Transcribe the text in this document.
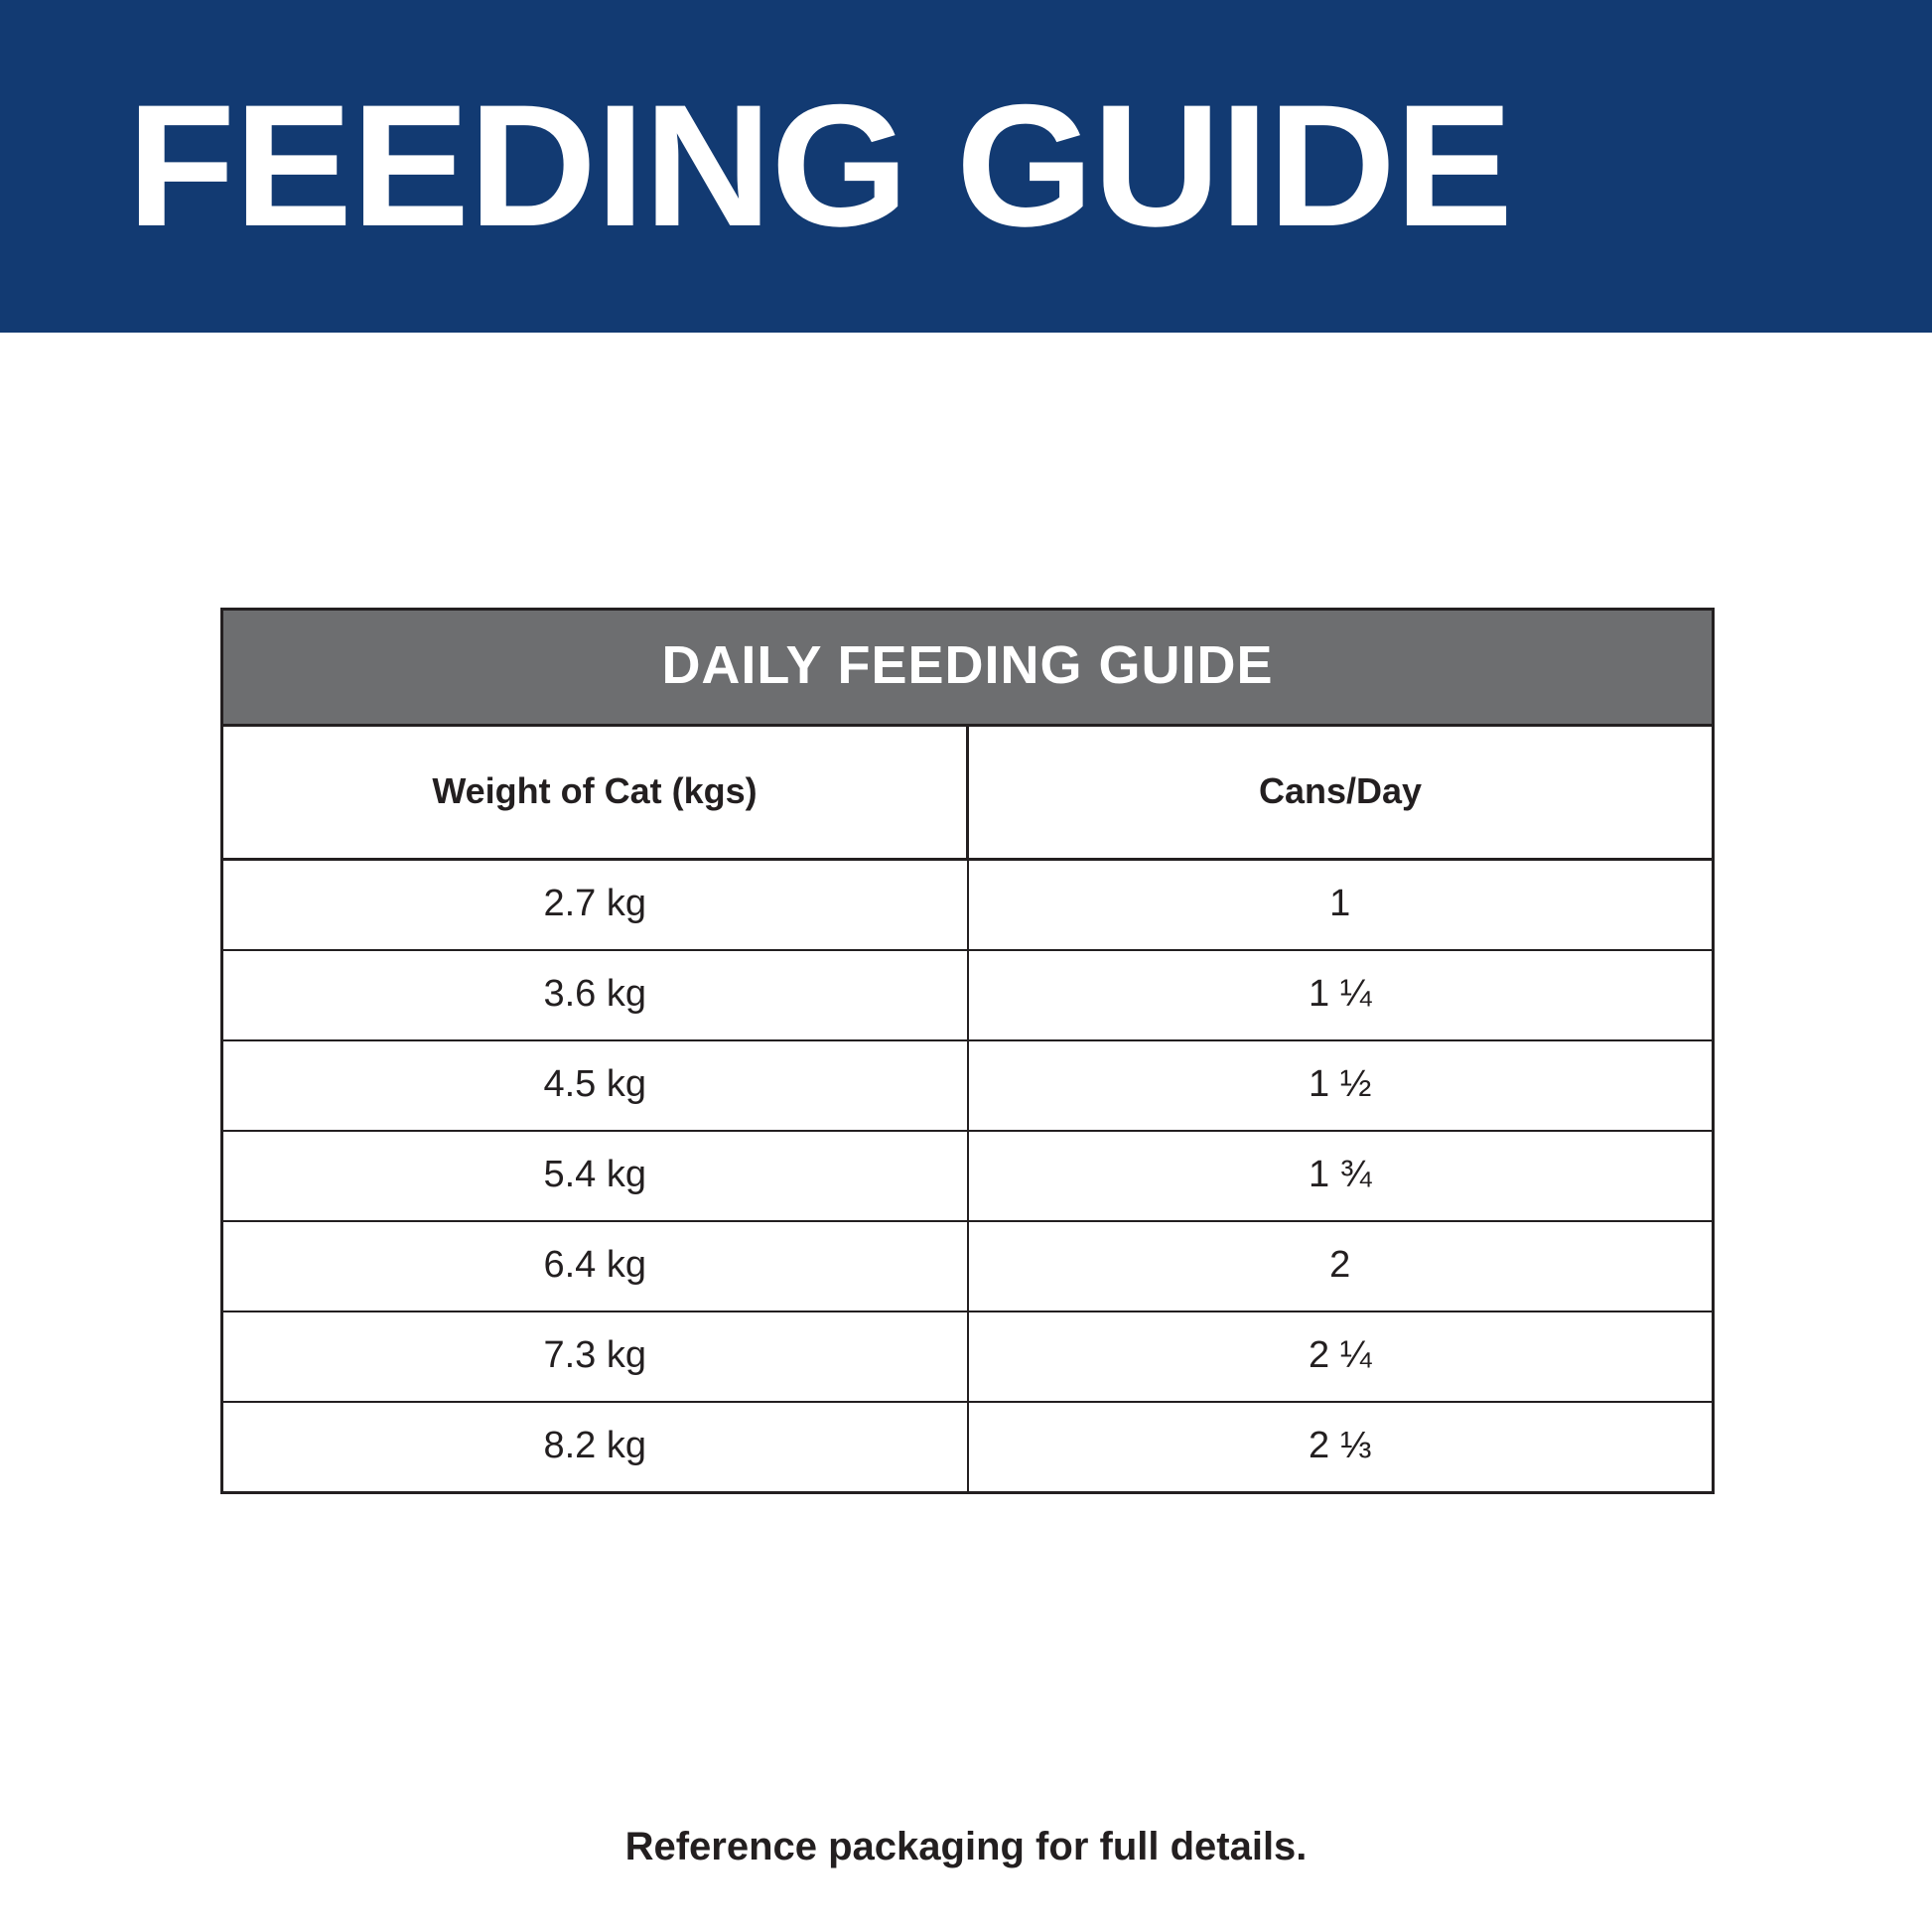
FEEDING GUIDE
DAILY FEEDING GUIDE	
Weight of Cat (kgs)	Cans/Day
2.7 kg	1
3.6 kg	1 ¼
4.5 kg	1 ½
5.4 kg	1 ¾
6.4 kg	2
7.3 kg	2 ¼
8.2 kg	2 ⅓
Reference packaging for full details.
